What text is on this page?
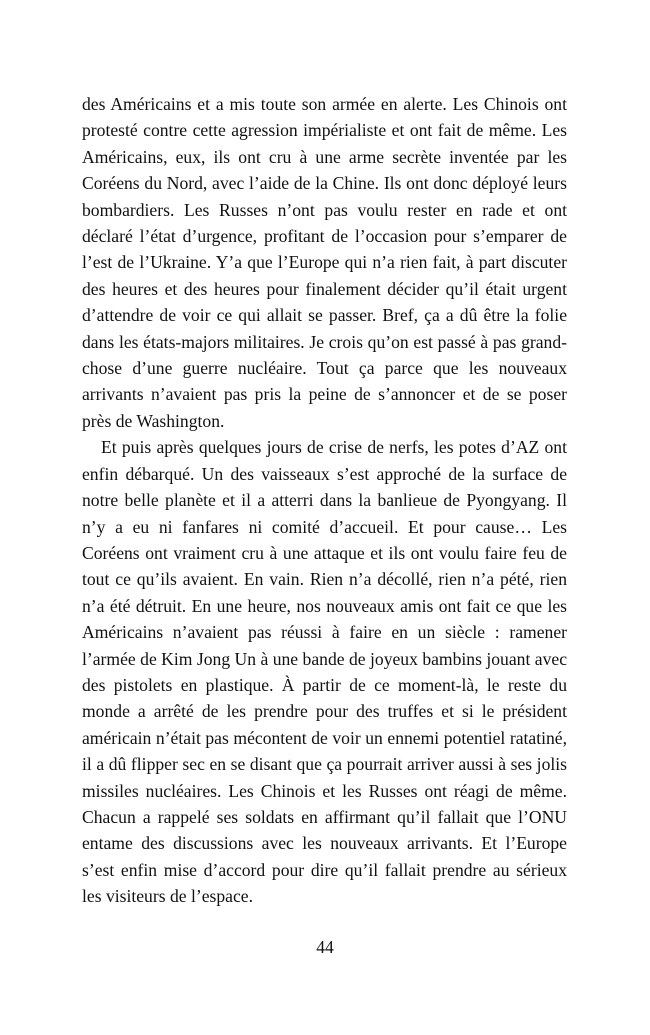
des Américains et a mis toute son armée en alerte. Les Chinois ont protesté contre cette agression impérialiste et ont fait de même. Les Américains, eux, ils ont cru à une arme secrète inventée par les Coréens du Nord, avec l’aide de la Chine. Ils ont donc déployé leurs bombardiers. Les Russes n’ont pas voulu rester en rade et ont déclaré l’état d’urgence, profitant de l’occasion pour s’emparer de l’est de l’Ukraine. Y’a que l’Europe qui n’a rien fait, à part discuter des heures et des heures pour finalement décider qu’il était urgent d’attendre de voir ce qui allait se passer. Bref, ça a dû être la folie dans les états-majors militaires. Je crois qu’on est passé à pas grand-chose d’une guerre nucléaire. Tout ça parce que les nouveaux arrivants n’avaient pas pris la peine de s’annoncer et de se poser près de Washington.

Et puis après quelques jours de crise de nerfs, les potes d’AZ ont enfin débarqué. Un des vaisseaux s’est approché de la surface de notre belle planète et il a atterri dans la banlieue de Pyongyang. Il n’y a eu ni fanfares ni comité d’accueil. Et pour cause… Les Coréens ont vraiment cru à une attaque et ils ont voulu faire feu de tout ce qu’ils avaient. En vain. Rien n’a décollé, rien n’a pété, rien n’a été détruit. En une heure, nos nouveaux amis ont fait ce que les Américains n’avaient pas réussi à faire en un siècle : ramener l’armée de Kim Jong Un à une bande de joyeux bambins jouant avec des pistolets en plastique. À partir de ce moment-là, le reste du monde a arrêté de les prendre pour des truffes et si le président américain n’était pas mécontent de voir un ennemi potentiel ratatiné, il a dû flipper sec en se disant que ça pourrait arriver aussi à ses jolis missiles nucléaires. Les Chinois et les Russes ont réagi de même. Chacun a rappelé ses soldats en affirmant qu’il fallait que l’ONU entame des discussions avec les nouveaux arrivants. Et l’Europe s’est enfin mise d’accord pour dire qu’il fallait prendre au sérieux les visiteurs de l’espace.

44
